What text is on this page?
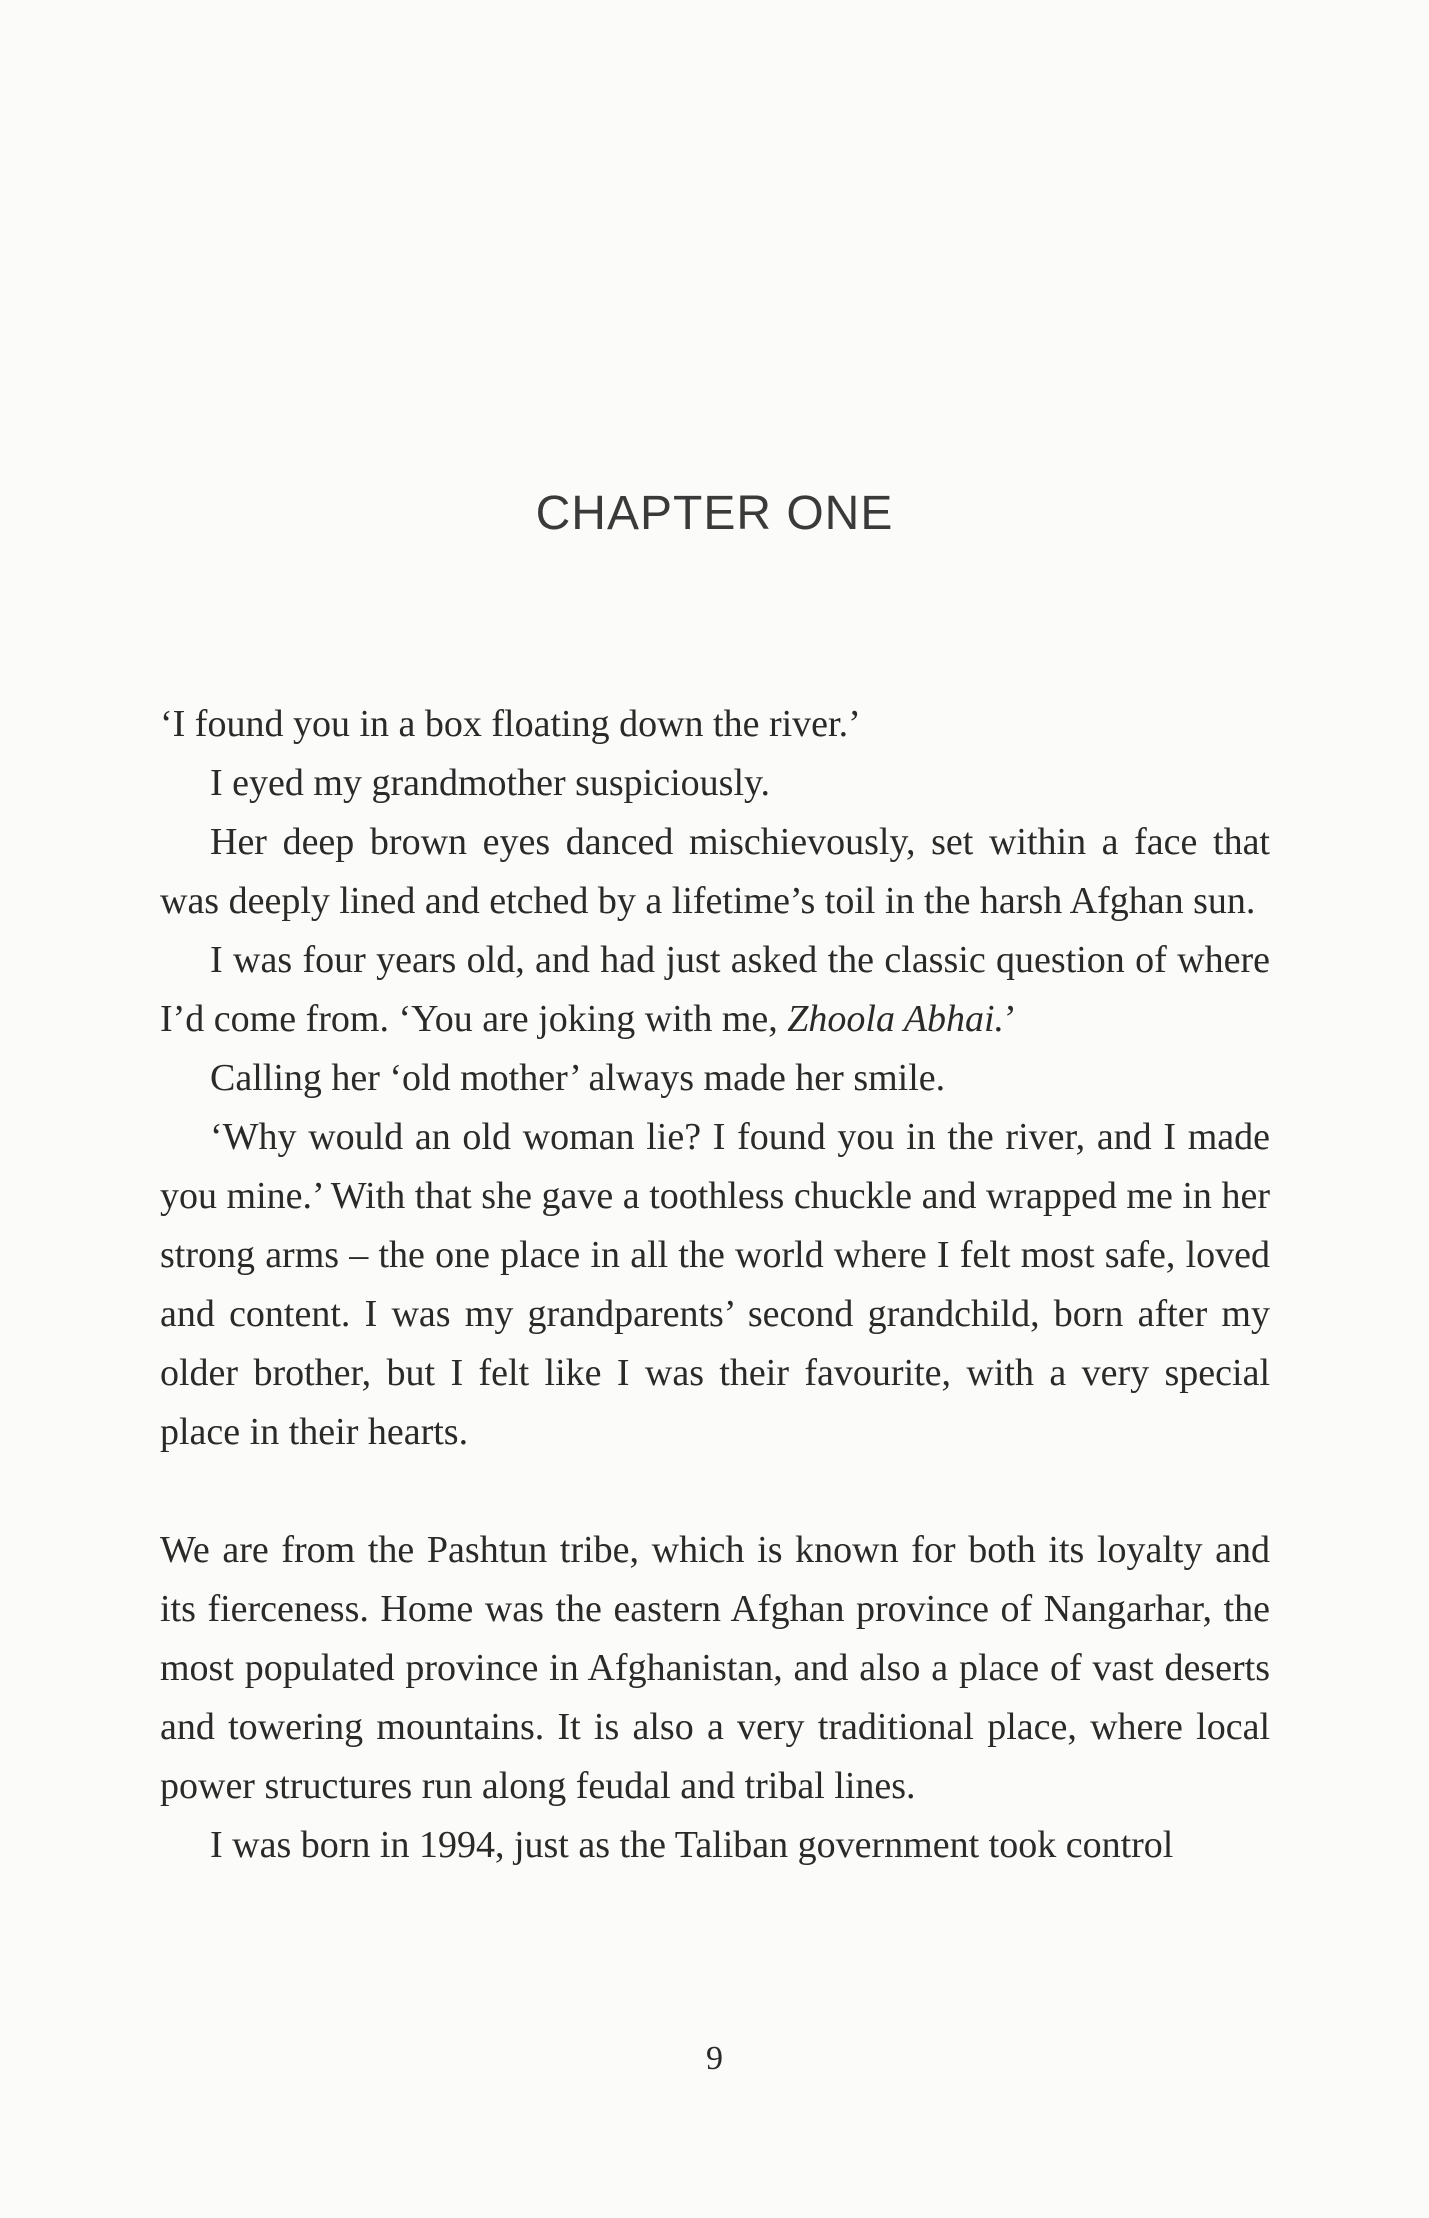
CHAPTER ONE

‘I found you in a box floating down the river.’

I eyed my grandmother suspiciously.

Her deep brown eyes danced mischievously, set within a face that was deeply lined and etched by a lifetime’s toil in the harsh Afghan sun.

I was four years old, and had just asked the classic question of where I’d come from. ‘You are joking with me, Zhoola Abhai.’

Calling her ‘old mother’ always made her smile.

‘Why would an old woman lie? I found you in the river, and I made you mine.’ With that she gave a toothless chuckle and wrapped me in her strong arms – the one place in all the world where I felt most safe, loved and content. I was my grandparents’ second grandchild, born after my older brother, but I felt like I was their favourite, with a very special place in their hearts.

We are from the Pashtun tribe, which is known for both its loyalty and its fierceness. Home was the eastern Afghan province of Nangarhar, the most populated province in Afghanistan, and also a place of vast deserts and towering mountains. It is also a very traditional place, where local power structures run along feudal and tribal lines.

I was born in 1994, just as the Taliban government took control

9
